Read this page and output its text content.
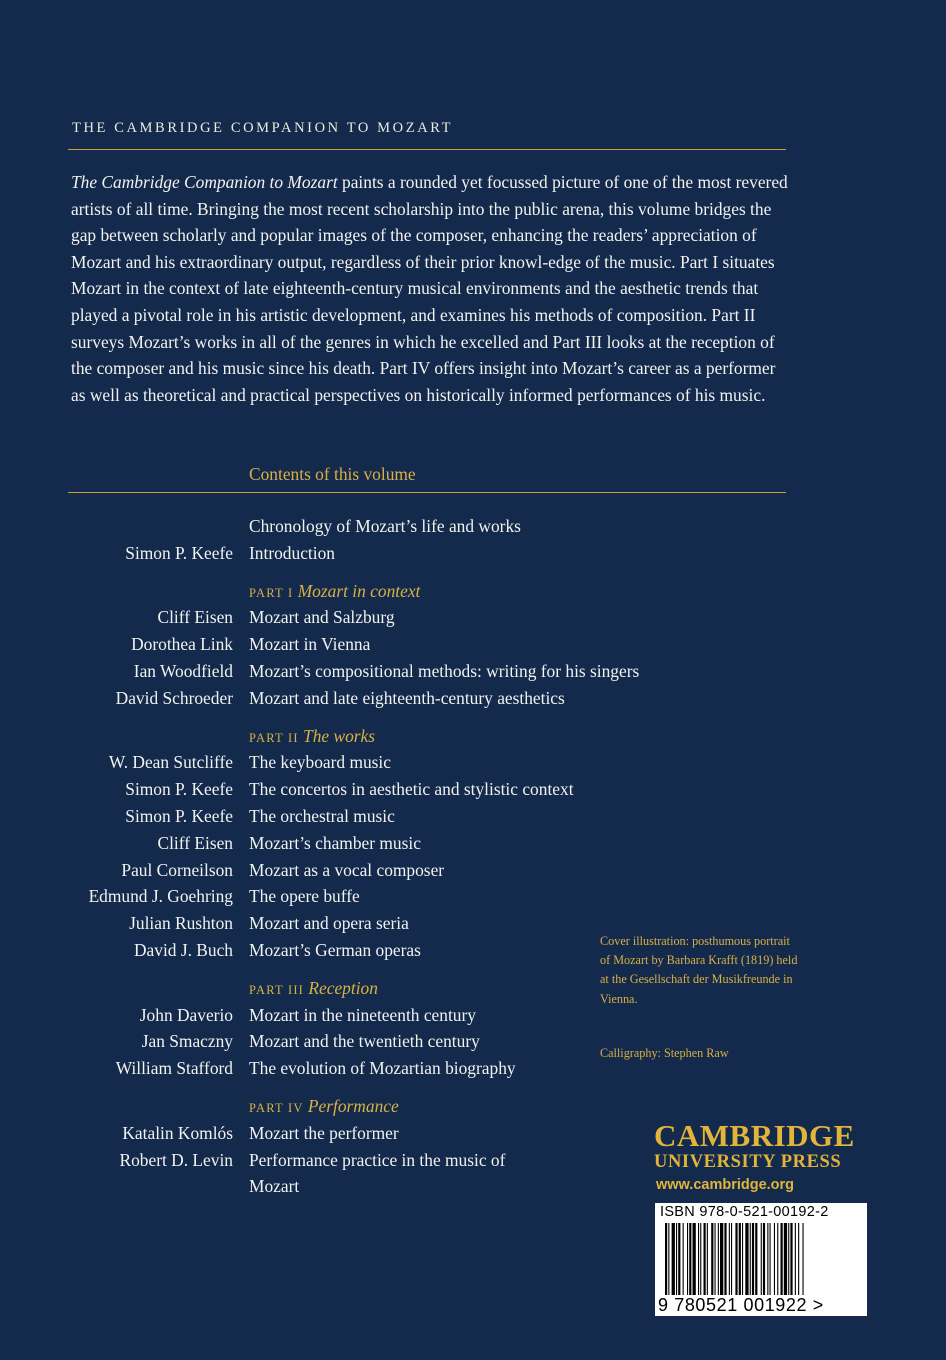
THE CAMBRIDGE COMPANION TO MOZART
The Cambridge Companion to Mozart paints a rounded yet focussed picture of one of the most revered artists of all time. Bringing the most recent scholarship into the public arena, this volume bridges the gap between scholarly and popular images of the composer, enhancing the readers’ appreciation of Mozart and his extraordinary output, regardless of their prior knowl-edge of the music. Part I situates Mozart in the context of late eighteenth-century musical environments and the aesthetic trends that played a pivotal role in his artistic development, and examines his methods of composition. Part II surveys Mozart’s works in all of the genres in which he excelled and Part III looks at the reception of the composer and his music since his death. Part IV offers insight into Mozart’s career as a performer as well as theoretical and practical perspectives on historically informed performances of his music.
Contents of this volume
Chronology of Mozart’s life and works
Simon P. Keefe Introduction
PART I Mozart in context
Cliff Eisen Mozart and Salzburg
Dorothea Link Mozart in Vienna
Ian Woodfield Mozart’s compositional methods: writing for his singers
David Schroeder Mozart and late eighteenth-century aesthetics
PART II The works
W. Dean Sutcliffe The keyboard music
Simon P. Keefe The concertos in aesthetic and stylistic context
Simon P. Keefe The orchestral music
Cliff Eisen Mozart’s chamber music
Paul Corneilson Mozart as a vocal composer
Edmund J. Goehring The opere buffe
Julian Rushton Mozart and opera seria
David J. Buch Mozart’s German operas
PART III Reception
John Daverio Mozart in the nineteenth century
Jan Smaczny Mozart and the twentieth century
William Stafford The evolution of Mozartian biography
PART IV Performance
Katalin Komlós Mozart the performer
Robert D. Levin Performance practice in the music of
Mozart
Cover illustration: posthumous portrait of Mozart by Barbara Krafft (1819) held at the Gesellschaft der Musikfreunde in Vienna.
Calligraphy: Stephen Raw
CAMBRIDGE
UNIVERSITY PRESS
www.cambridge.org
ISBN 978-0-521-00192-2
9 780521 001922 >
